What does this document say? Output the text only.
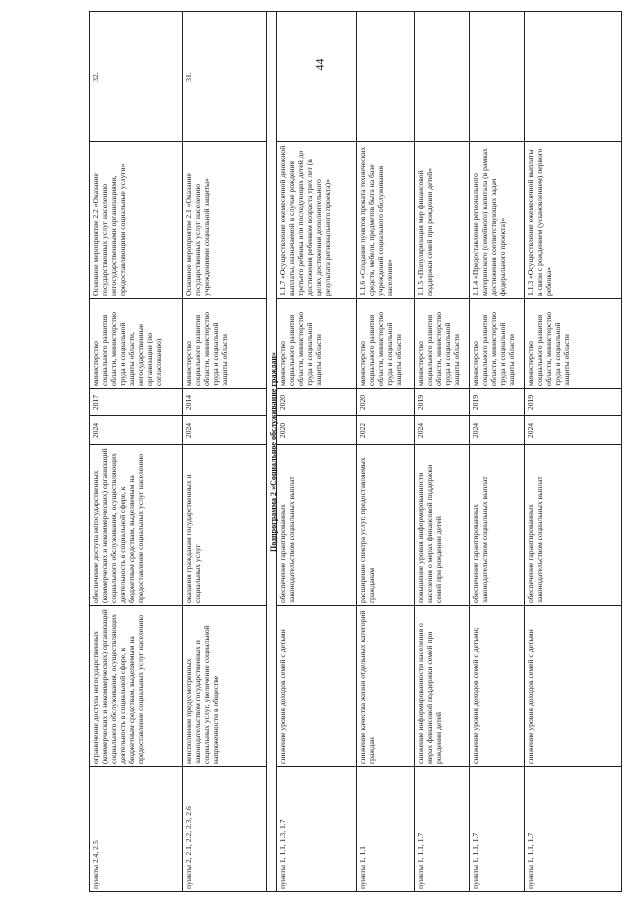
44
32.
Основное мероприятие 2.2 «Оказание государственных услуг населению негосударственными организациями, предоставляющими социальные услуги»
министерство социального развития области, министерство труда и социальной защиты области, негосударственные организации (по согласованию)
2017
2024
обеспечение доступа негосударственных (коммерческих и некоммерческих) организаций социального обслуживания, осуществляющих деятельность в социальной сфере, к бюджетным средствам, выделяемым на предоставление социальных услуг населению
ограничение доступа негосударственных (коммерческих и некоммерческих) организаций социального обслуживания, осуществляющих деятельность в социальной сфере, к бюджетным средствам, выделяемым на предоставление социальных услуг населению
пункты 2.4, 2.5
31.
Основное мероприятие 2.1 «Оказание государственных услуг населению учреждениями социальной защиты»
министерство социального развития области, министерство труда и социальной защиты области
2014
2024
оказания гражданам государственных и социальных услуг
неисполнение предусмотренных законодательством государственных и социальных услуг, увеличение социальной напряженности в обществе
пункты 2, 2.1, 2.2, 2.3, 2.6
Подпрограмма 2 «Социальное обслуживание граждан»
1.1.7 «Осуществление ежемесячной денежной выплаты, назначаемой в случае рождения третьего ребенка или последующих детей до достижения ребенком возраста трех лет (в целях достижения дополнительного результата регионального проекта)»
министерство социального развития области, министерство труда и социальной защиты области
2020
2020
обеспечение гарантированных законодательством социальных выплат
снижение уровня доходов семей с детьми
пункты 1, 1.1, 1.3, 1.7
1.1.6 «Создание пунктов проката технических средств, мебели, предметов быта на базе учреждений социального обслуживания населения»
министерство социального развития области, министерство труда и социальной защиты области
2020
2022
расширение спектра услуг, предоставляемых гражданам
снижение качества жизни отдельных категорий граждан
пункты 1, 1.1
1.1.5 «Популяризация мер финансовой поддержки семей при рождении детей»
министерство социального развития области, министерство труда и социальной защиты области
2019
2024
повышение уровня информированности населения о мерах финансовой поддержки семей при рождении детей
снижение информированности населения о мерах финансовой поддержки семей при рождении детей
пункты 1, 1.1, 1.7
1.1.4 «Предоставление регионального материнского (семейного) капитала (в рамках достижения соответствующих задач федерального проекта)»
министерство социального развития области, министерство труда и социальной защиты области
2019
2024
обеспечение гарантированных законодательством социальных выплат
снижение уровня доходов семей с детьми;
пункты 1, 1.1, 1.7
1.1.3 «Осуществление ежемесячной выплаты в связи с рождением (усыновлением) первого ребенка»
министерство социального развития области, министерство труда и социальной защиты области
2019
2024
обеспечение гарантированных законодательством социальных выплат
снижение уровня доходов семей с детьми
пункты 1, 1.1, 1.7
